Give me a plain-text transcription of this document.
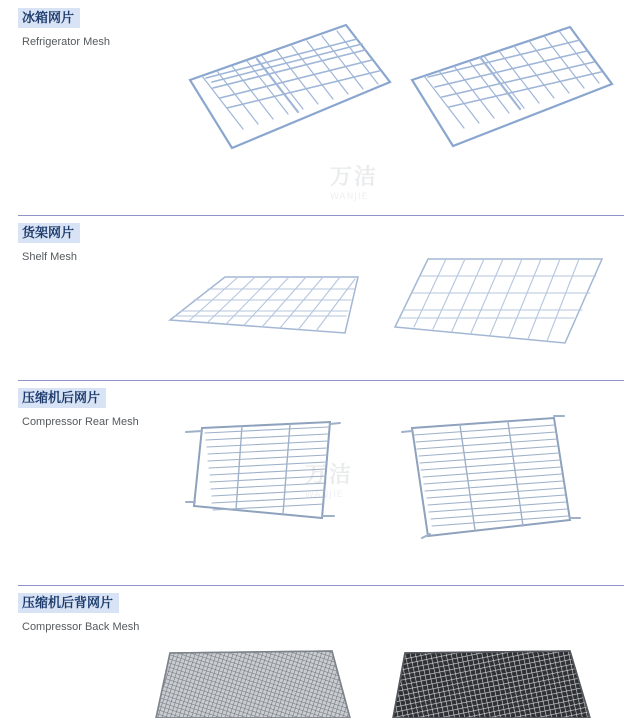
冰箱网片
Refrigerator Mesh
万洁
WANJIE
货架网片
Shelf Mesh
压缩机后网片
Compressor Rear Mesh
万洁
WANJIE
压缩机后背网片
Compressor Back Mesh
